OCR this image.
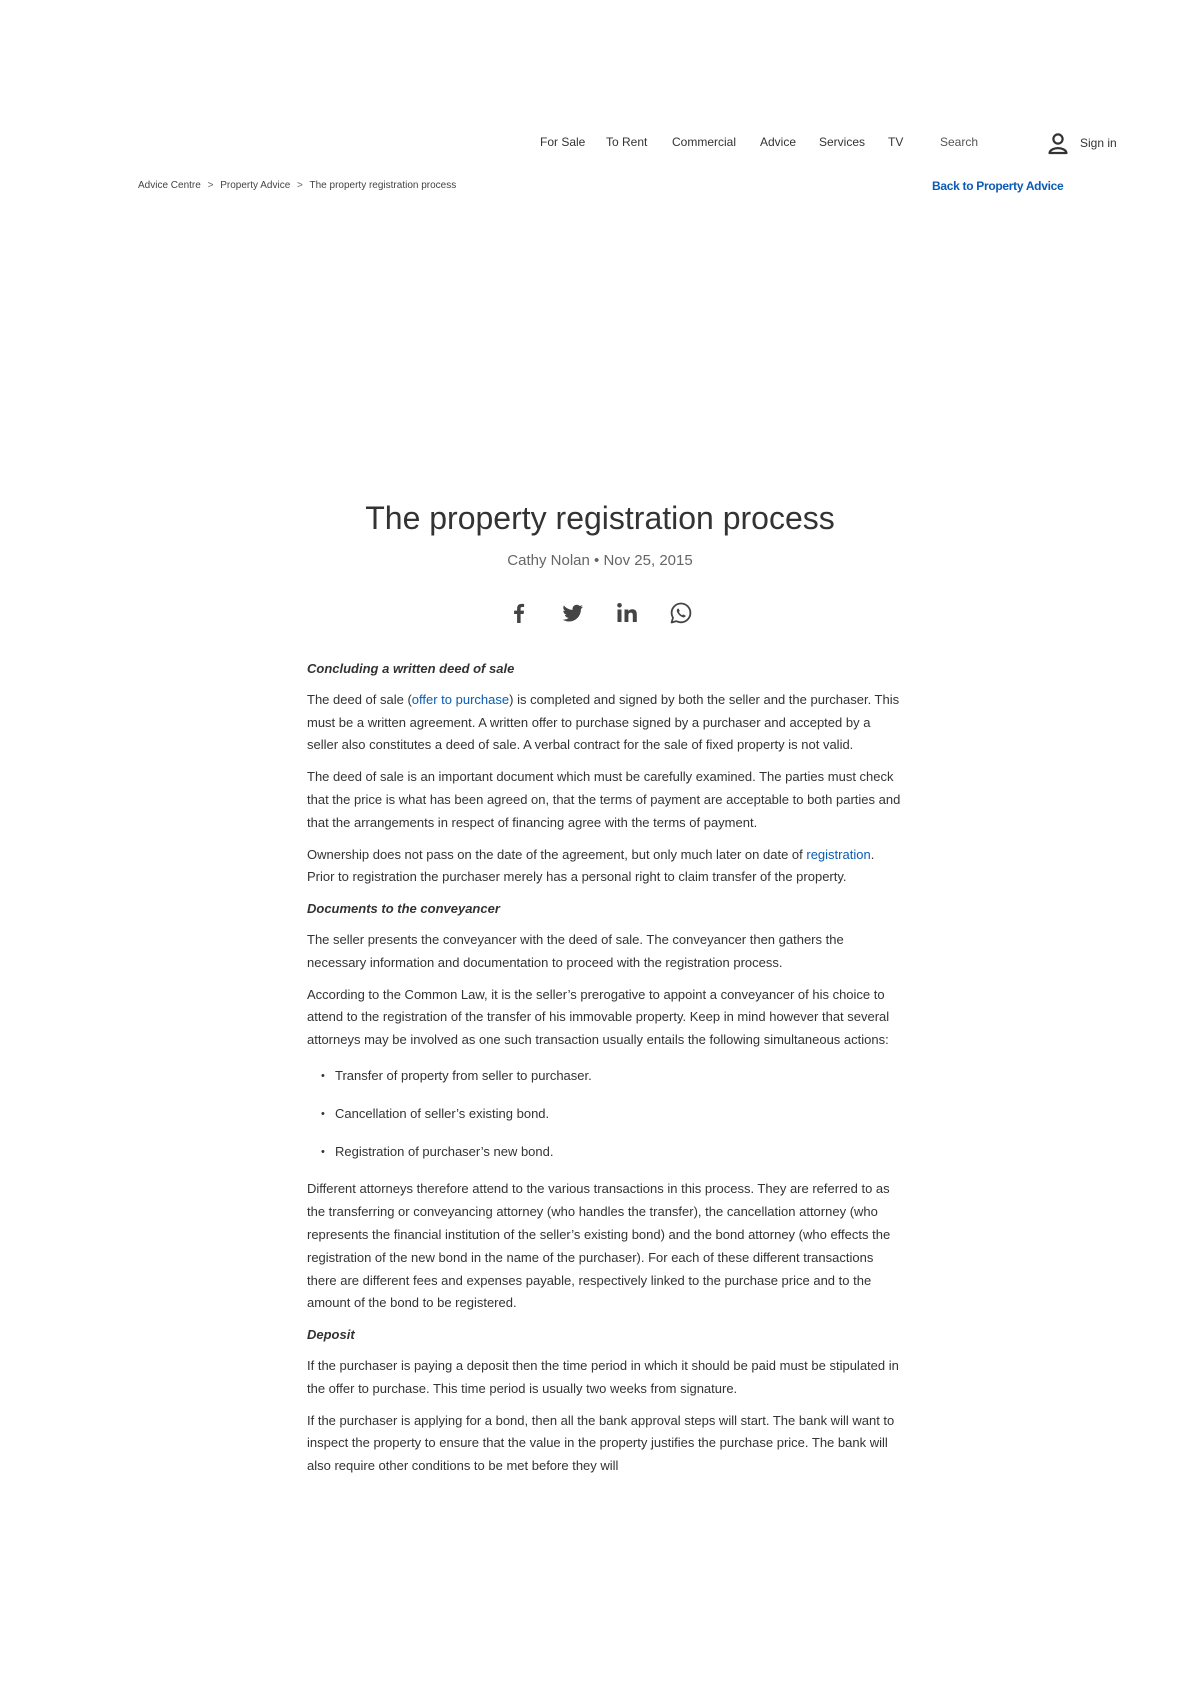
For Sale To Rent Commercial Advice Services TV
Search	Sign in
Advice Centre > Property Advice > The property registration process	Back to Property Advice
The property registration process
Cathy Nolan • Nov 25, 2015

Concluding a written deed of sale

The deed of sale (offer to purchase) is completed and signed by both the seller and the purchaser. This must be a written agreement. A written offer to purchase signed by a purchaser and accepted by a seller also constitutes a deed of sale. A verbal contract for the sale of fixed property is not valid.

The deed of sale is an important document which must be carefully examined. The parties must check that the price is what has been agreed on, that the terms of payment are acceptable to both parties and that the arrangements in respect of financing agree with the terms of payment.

Ownership does not pass on the date of the agreement, but only much later on date of registration. Prior to registration the purchaser merely has a personal right to claim transfer of the property.

Documents to the conveyancer

The seller presents the conveyancer with the deed of sale. The conveyancer then gathers the necessary information and documentation to proceed with the registration process.

According to the Common Law, it is the seller’s prerogative to appoint a conveyancer of his choice to attend to the registration of the transfer of his immovable property. Keep in mind however that several attorneys may be involved as one such transaction usually entails the following simultaneous actions:

• Transfer of property from seller to purchaser.
• Cancellation of seller’s existing bond.
• Registration of purchaser’s new bond.

Different attorneys therefore attend to the various transactions in this process. They are referred to as the transferring or conveyancing attorney (who handles the transfer), the cancellation attorney (who represents the financial institution of the seller’s existing bond) and the bond attorney (who effects the registration of the new bond in the name of the purchaser). For each of these different transactions there are different fees and expenses payable, respectively linked to the purchase price and to the amount of the bond to be registered.

Deposit

If the purchaser is paying a deposit then the time period in which it should be paid must be stipulated in the offer to purchase. This time period is usually two weeks from signature.

If the purchaser is applying for a bond, then all the bank approval steps will start. The bank will want to inspect the property to ensure that the value in the property justifies the purchase price. The bank will also require other conditions to be met before they will
